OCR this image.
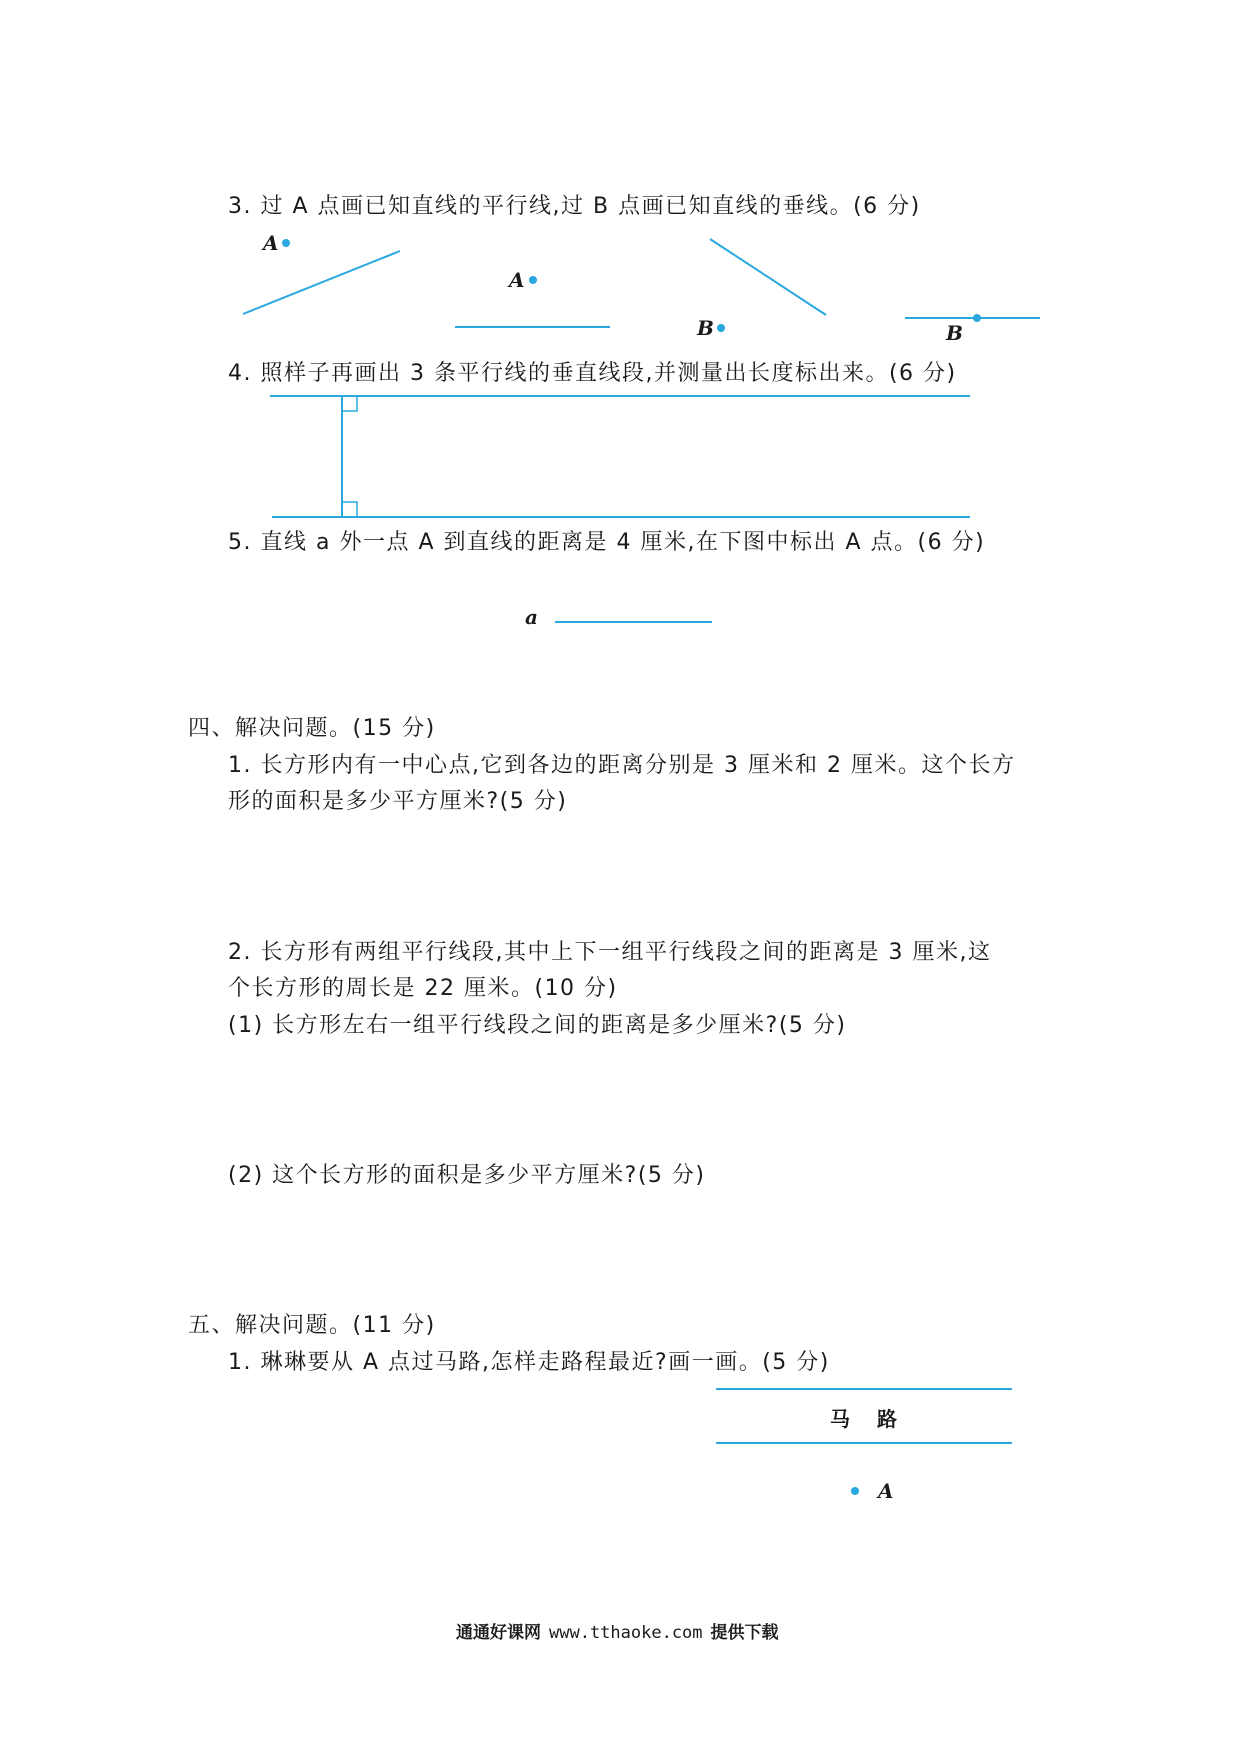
3. 过 A 点画已知直线的平行线,过 B 点画已知直线的垂线。(6 分)
A
A
B	B
4. 照样子再画出 3 条平行线的垂直线段,并测量出长度标出来。(6 分)
5. 直线 a 外一点 A 到直线的距离是 4 厘米,在下图中标出 A 点。(6 分)
a
四、解决问题。(15 分)
1. 长方形内有一中心点,它到各边的距离分别是 3 厘米和 2 厘米。这个长方
形的面积是多少平方厘米?(5 分)
2. 长方形有两组平行线段,其中上下一组平行线段之间的距离是 3 厘米,这
个长方形的周长是 22 厘米。(10 分)
(1) 长方形左右一组平行线段之间的距离是多少厘米?(5 分)
(2) 这个长方形的面积是多少平方厘米?(5 分)
五、解决问题。(11 分)
1. 琳琳要从 A 点过马路,怎样走路程最近?画一画。(5 分)
马 路
A
通通好课网 www.tthaoke.com 提供下载
